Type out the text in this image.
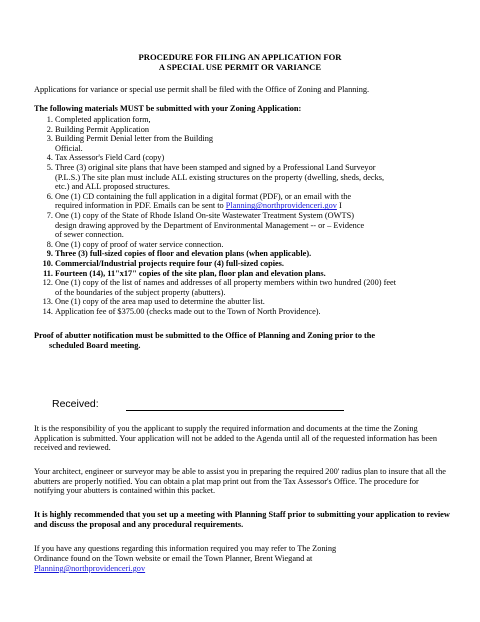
PROCEDURE FOR FILING AN APPLICATION FOR
A SPECIAL USE PERMIT OR VARIANCE
Applications for variance or special use permit shall be filed with the Office of Zoning and Planning.
The following materials MUST be submitted with your Zoning Application:
1. Completed application form,
2. Building Permit Application
3. Building Permit Denial letter from the Building
Official.
4. Tax Assessor's Field Card (copy)
5. Three (3) original site plans that have been stamped and signed by a Professional Land Surveyor
(P.L.S.) The site plan must include ALL existing structures on the property (dwelling, sheds, decks,
etc.) and ALL proposed structures.
6. One (1) CD containing the full application in a digital format (PDF), or an email with the
required information in PDF. Emails can be sent to Planning@northprovidenceri.gov I
7. One (1) copy of the State of Rhode Island On-site Wastewater Treatment System (OWTS)
design drawing approved by the Department of Environmental Management -- or – Evidence
of sewer connection.
8. One (1) copy of proof of water service connection.
9. Three (3) full-sized copies of floor and elevation plans (when applicable).
10. Commercial/Industrial projects require four (4) full-sized copies.
11. Fourteen (14), 11"x17" copies of the site plan, floor plan and elevation plans.
12. One (1) copy of the list of names and addresses of all property members within two hundred (200) feet
of the boundaries of the subject property (abutters).
13. One (1) copy of the area map used to determine the abutter list.
14. Application fee of $375.00 (checks made out to the Town of North Providence).
Proof of abutter notification must be submitted to the Office of Planning and Zoning prior to the
scheduled Board meeting.
Received:
It is the responsibility of you the applicant to supply the required information and documents at the time the Zoning Application is submitted. Your application will not be added to the Agenda until all of the requested information has been received and reviewed.
Your architect, engineer or surveyor may be able to assist you in preparing the required 200' radius plan to insure that all the abutters are properly notified. You can obtain a plat map print out from the Tax Assessor's Office. The procedure for notifying your abutters is contained within this packet.
It is highly recommended that you set up a meeting with Planning Staff prior to submitting your application to review and discuss the proposal and any procedural requirements.
If you have any questions regarding this information required you may refer to The Zoning
Ordinance found on the Town website or email the Town Planner, Brent Wiegand at
Planning@northprovidenceri.gov
